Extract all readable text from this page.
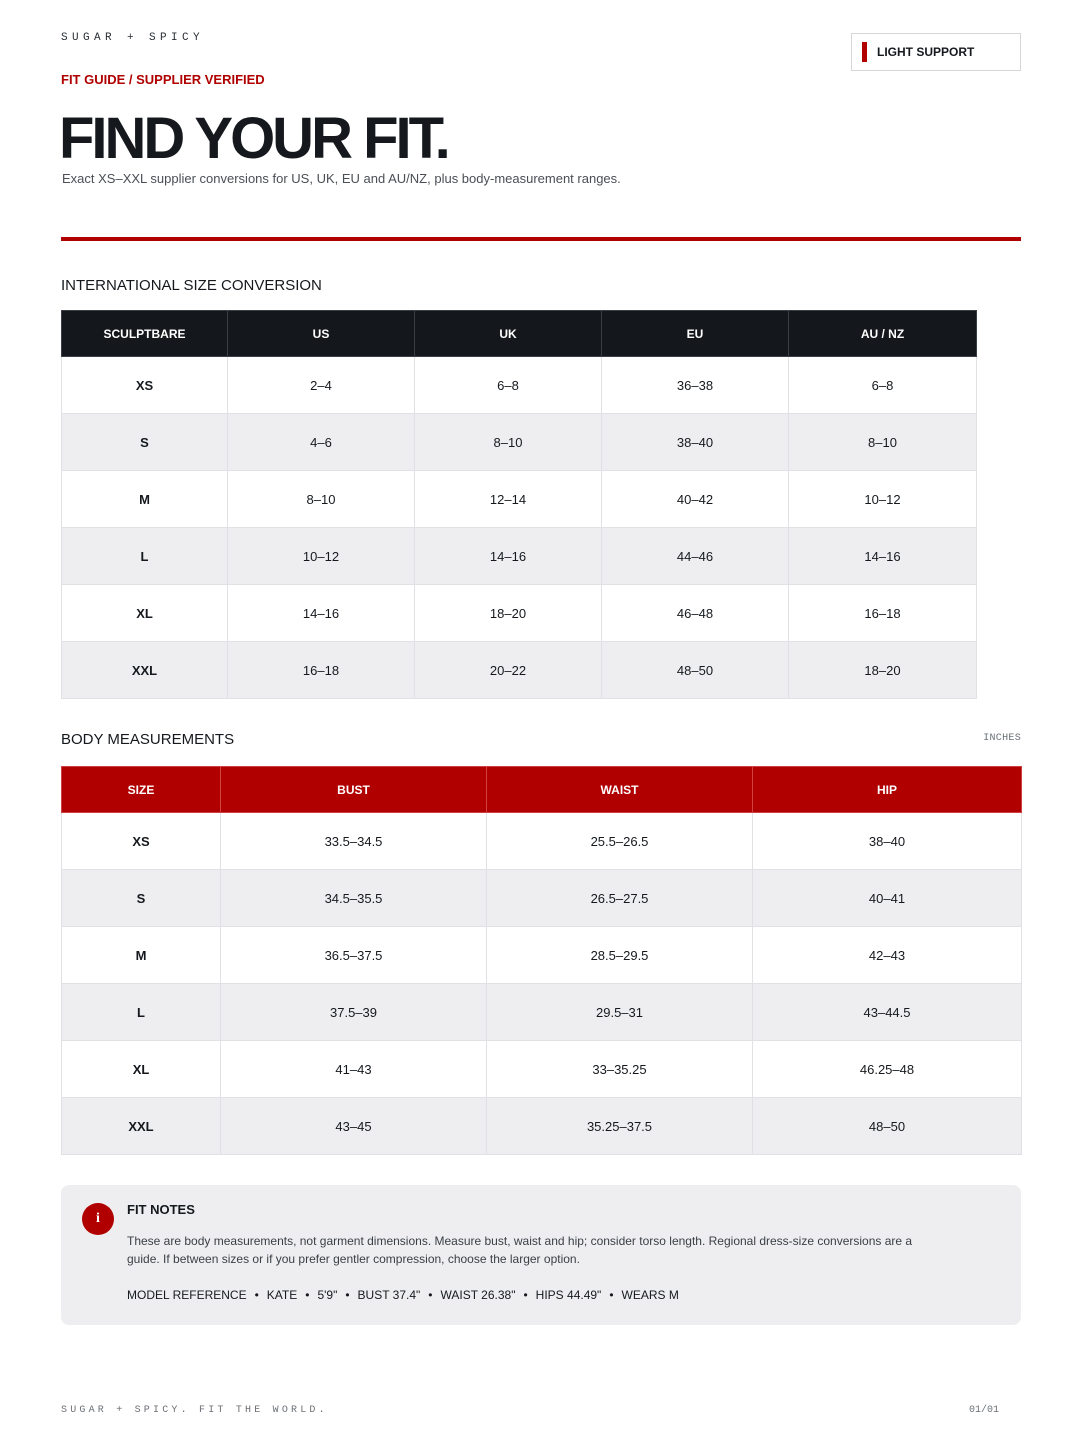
SUGAR + SPICY
LIGHT SUPPORT
FIT GUIDE / SUPPLIER VERIFIED
FIND YOUR FIT.
Exact XS–XXL supplier conversions for US, UK, EU and AU/NZ, plus body-measurement ranges.
INTERNATIONAL SIZE CONVERSION
SCULPTBARE	US	UK	EU	AU / NZ
XS	2–4	6–8	36–38	6–8
S	4–6	8–10	38–40	8–10
M	8–10	12–14	40–42	10–12
L	10–12	14–16	44–46	14–16
XL	14–16	18–20	46–48	16–18
XXL	16–18	20–22	48–50	18–20
BODY MEASUREMENTS	INCHES
SIZE	BUST	WAIST	HIP
XS	33.5–34.5	25.5–26.5	38–40
S	34.5–35.5	26.5–27.5	40–41
M	36.5–37.5	28.5–29.5	42–43
L	37.5–39	29.5–31	43–44.5
XL	41–43	33–35.25	46.25–48
XXL	43–45	35.25–37.5	48–50
i
FIT NOTES

These are body measurements, not garment dimensions. Measure bust, waist and hip; consider torso length. Regional dress-size conversions are a guide. If between sizes or if you prefer gentler compression, choose the larger option.

MODEL REFERENCE • KATE • 5'9" • BUST 37.4" • WAIST 26.38" • HIPS 44.49" • WEARS M
SUGAR + SPICY. FIT THE WORLD.	01/01
